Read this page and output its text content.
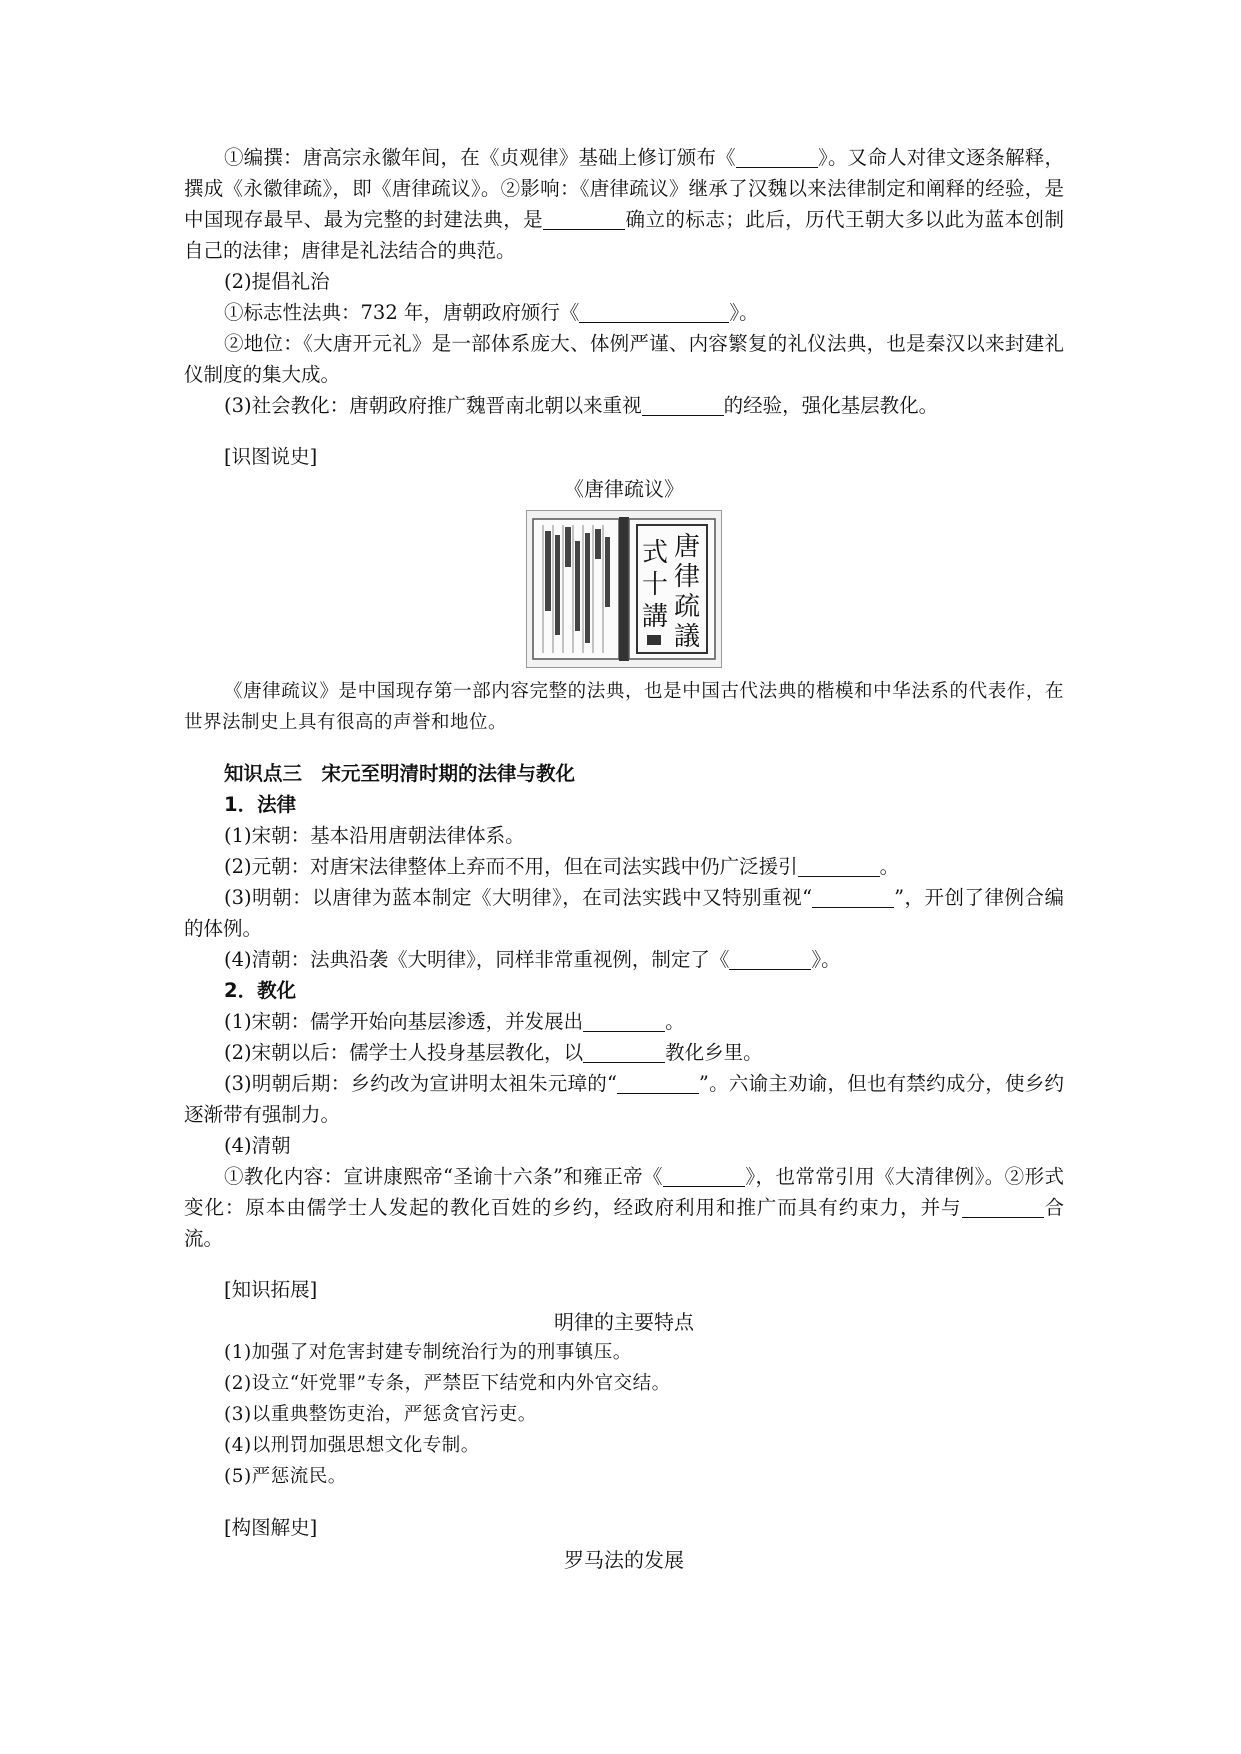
①编撰：唐高宗永徽年间，在《贞观律》基础上修订颁布《	》。又命人对律文逐条解释，撰成《永徽律疏》，即《唐律疏议》。②影响：《唐律疏议》继承了汉魏以来法律制定和阐释的经验，是中国现存最早、最为完整的封建法典，是	确立的标志；此后，历代王朝大多以此为蓝本创制自己的法律；唐律是礼法结合的典范。
(2)提倡礼治
①标志性法典：732 年，唐朝政府颁行《	》。
②地位：《大唐开元礼》是一部体系庞大、体例严谨、内容繁复的礼仪法典，也是秦汉以来封建礼仪制度的集大成。
(3)社会教化：唐朝政府推广魏晋南北朝以来重视	的经验，强化基层教化。
[识图说史]
《唐律疏议》
唐
律
疏
議
式
十
講
《唐律疏议》是中国现存第一部内容完整的法典，也是中国古代法典的楷模和中华法系的代表作，在世界法制史上具有很高的声誉和地位。
知识点三　宋元至明清时期的法律与教化
1．法律
(1)宋朝：基本沿用唐朝法律体系。
(2)元朝：对唐宋法律整体上弃而不用，但在司法实践中仍广泛援引	。
(3)明朝：以唐律为蓝本制定《大明律》，在司法实践中又特别重视“	”，开创了律例合编的体例。
(4)清朝：法典沿袭《大明律》，同样非常重视例，制定了《	》。
2．教化
(1)宋朝：儒学开始向基层渗透，并发展出	。
(2)宋朝以后：儒学士人投身基层教化，以	教化乡里。
(3)明朝后期：乡约改为宣讲明太祖朱元璋的“	”。六谕主劝谕，但也有禁约成分，使乡约逐渐带有强制力。
(4)清朝
①教化内容：宣讲康熙帝“圣谕十六条”和雍正帝《	》，也常常引用《大清律例》。②形式变化：原本由儒学士人发起的教化百姓的乡约，经政府利用和推广而具有约束力，并与	合流。
[知识拓展]
明律的主要特点
(1)加强了对危害封建专制统治行为的刑事镇压。
(2)设立“奸党罪”专条，严禁臣下结党和内外官交结。
(3)以重典整饬吏治，严惩贪官污吏。
(4)以刑罚加强思想文化专制。
(5)严惩流民。
[构图解史]
罗马法的发展
